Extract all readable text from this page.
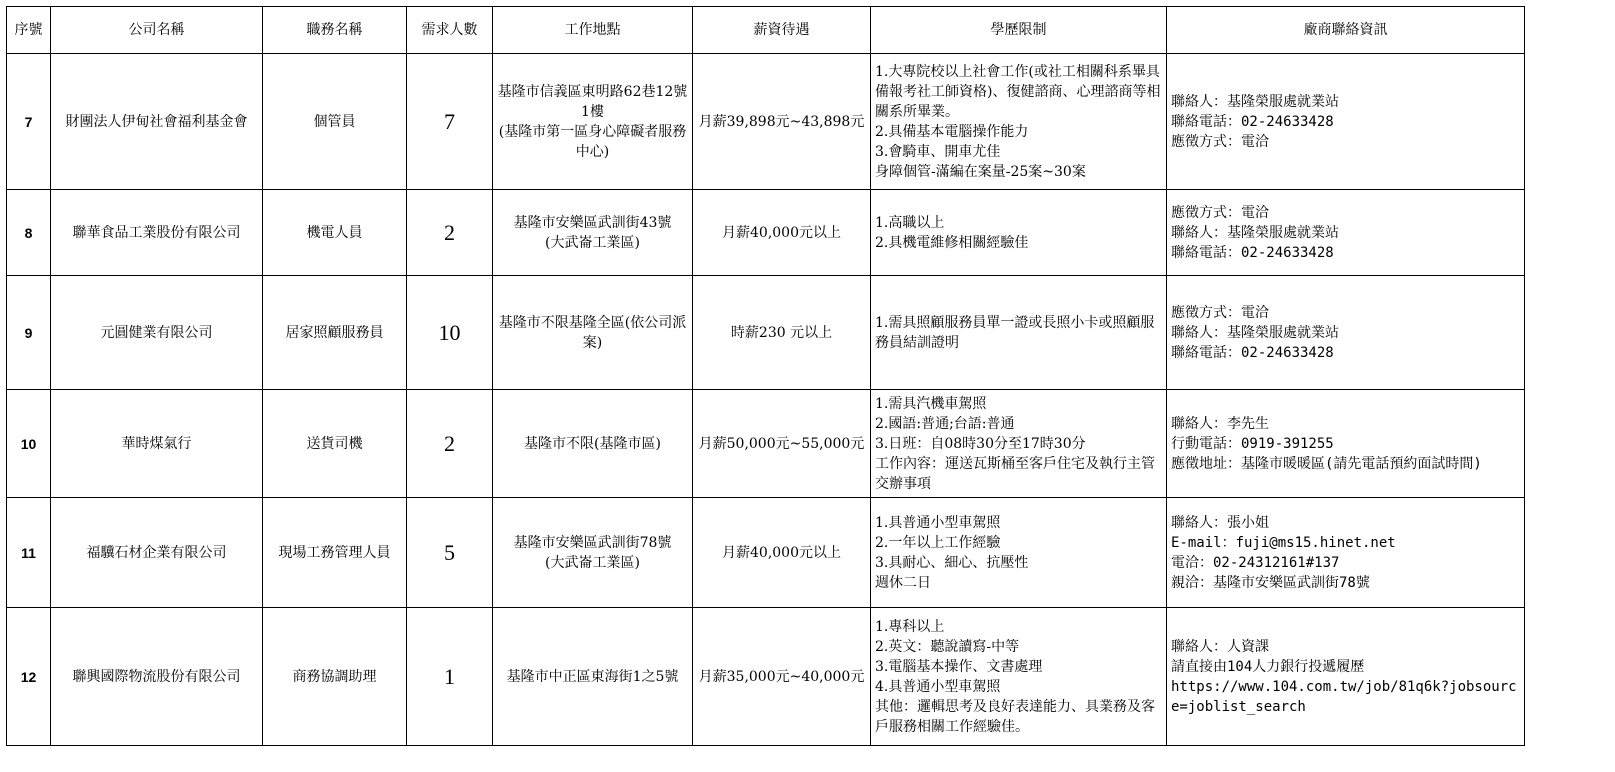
序號	公司名稱	職務名稱	需求人數	工作地點	薪資待遇	學歷限制	廠商聯絡資訊

7	財團法人伊甸社會福利基金會	個管員	7	基隆市信義區東明路62巷12號1樓
(基隆市第一區身心障礙者服務中心)	月薪39,898元~43,898元	1.大專院校以上社會工作(或社工相關科系畢具備報考社工師資格)、復健諮商、心理諮商等相關系所畢業。
2.具備基本電腦操作能力
3.會騎車、開車尤佳
身障個管-滿編在案量-25案~30案	聯絡人：基隆榮服處就業站
聯絡電話：02-24633428
應徵方式：電洽

8	聯華食品工業股份有限公司	機電人員	2	基隆市安樂區武訓街43號
(大武崙工業區)	月薪40,000元以上	1.高職以上
2.具機電維修相關經驗佳	應徵方式：電洽
聯絡人：基隆榮服處就業站
聯絡電話：02-24633428

9	元圓健業有限公司	居家照顧服務員	10	基隆市不限基隆全區(依公司派案)	時薪230 元以上	1.需具照顧服務員單一證或長照小卡或照顧服務員結訓證明	應徵方式：電洽
聯絡人：基隆榮服處就業站
聯絡電話：02-24633428

10	華時煤氣行	送貨司機	2	基隆市不限(基隆市區)	月薪50,000元~55,000元	1.需具汽機車駕照
2.國語:普通;台語:普通
3.日班：自08時30分至17時30分
工作內容：運送瓦斯桶至客戶住宅及執行主管交辦事項	聯絡人：李先生
行動電話：0919-391255
應徵地址：基隆市暖暖區(請先電話預約面試時間)

11	福驥石材企業有限公司	現場工務管理人員	5	基隆市安樂區武訓街78號
(大武崙工業區)	月薪40,000元以上	1.具普通小型車駕照
2.一年以上工作經驗
3.具耐心、細心、抗壓性
週休二日	聯絡人：張小姐
E-mail：fuji@ms15.hinet.net
電洽：02-24312161#137
親洽：基隆市安樂區武訓街78號

12	聯興國際物流股份有限公司	商務協調助理	1	基隆市中正區東海街1之5號	月薪35,000元~40,000元	1.專科以上
2.英文：聽說讀寫-中等
3.電腦基本操作、文書處理
4.具普通小型車駕照
其他：邏輯思考及良好表達能力、具業務及客戶服務相關工作經驗佳。	聯絡人：人資課
請直接由104人力銀行投遞履歷
https://www.104.com.tw/job/81q6k?jobsource=joblist_search
